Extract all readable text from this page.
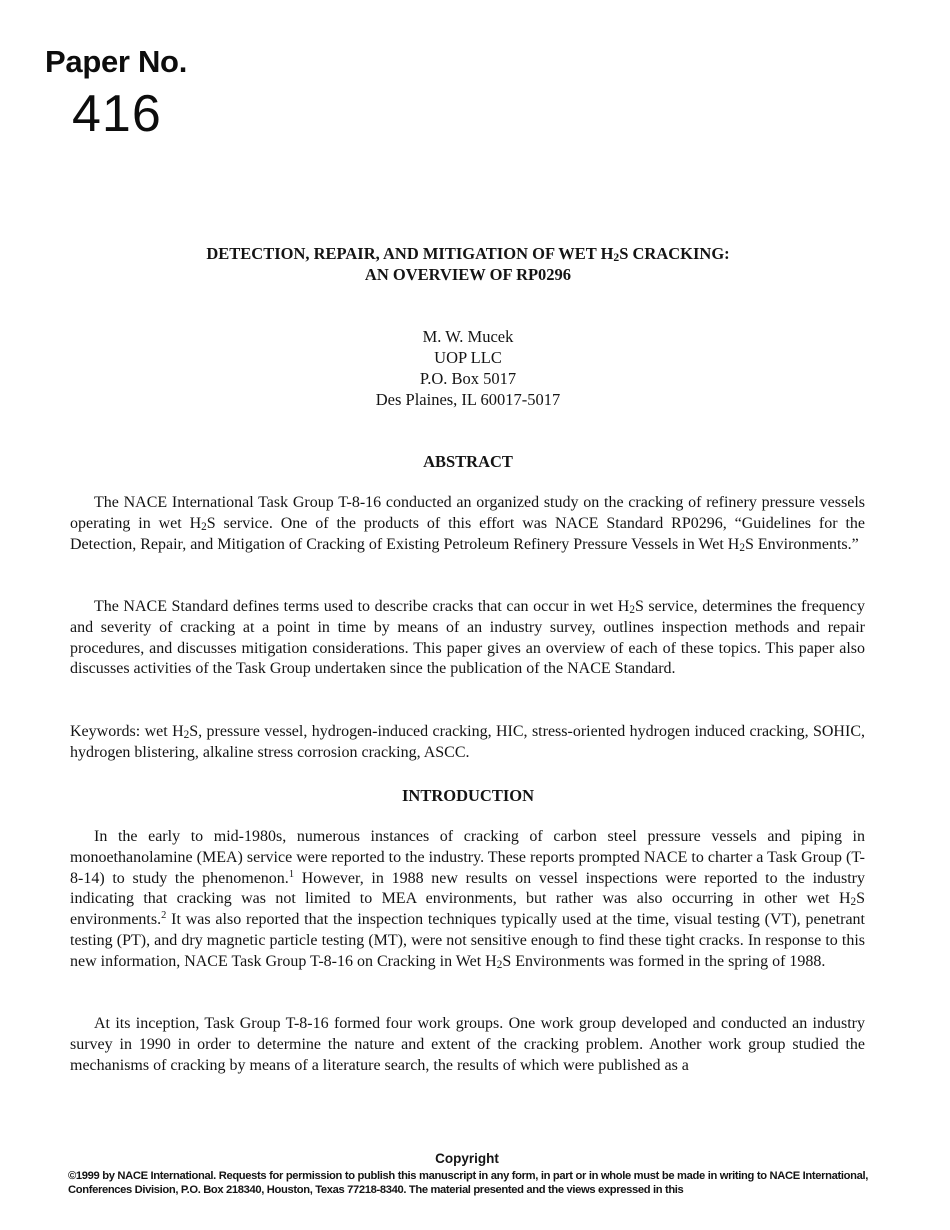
Paper No.
416
DETECTION, REPAIR, AND MITIGATION OF WET H2S CRACKING:
AN OVERVIEW OF RP0296
M. W. Mucek
UOP LLC
P.O. Box 5017
Des Plaines, IL 60017-5017
ABSTRACT

The NACE International Task Group T-8-16 conducted an organized study on the cracking of refinery pressure vessels operating in wet H2S service. One of the products of this effort was NACE Standard RP0296, “Guidelines for the Detection, Repair, and Mitigation of Cracking of Existing Petroleum Refinery Pressure Vessels in Wet H2S Environments.”

The NACE Standard defines terms used to describe cracks that can occur in wet H2S service, determines the frequency and severity of cracking at a point in time by means of an industry survey, outlines inspection methods and repair procedures, and discusses mitigation considerations. This paper gives an overview of each of these topics. This paper also discusses activities of the Task Group undertaken since the publication of the NACE Standard.

Keywords: wet H2S, pressure vessel, hydrogen-induced cracking, HIC, stress-oriented hydrogen induced cracking, SOHIC, hydrogen blistering, alkaline stress corrosion cracking, ASCC.

INTRODUCTION

In the early to mid-1980s, numerous instances of cracking of carbon steel pressure vessels and piping in monoethanolamine (MEA) service were reported to the industry. These reports prompted NACE to charter a Task Group (T-8-14) to study the phenomenon.$^1$ However, in 1988 new results on vessel inspections were reported to the industry indicating that cracking was not limited to MEA environments, but rather was also occurring in other wet H2S environments.$^2$ It was also reported that the inspection techniques typically used at the time, visual testing (VT), penetrant testing (PT), and dry magnetic particle testing (MT), were not sensitive enough to find these tight cracks. In response to this new information, NACE Task Group T-8-16 on Cracking in Wet H2S Environments was formed in the spring of 1988.

At its inception, Task Group T-8-16 formed four work groups. One work group developed and conducted an industry survey in 1990 in order to determine the nature and extent of the cracking problem. Another work group studied the mechanisms of cracking by means of a literature search, the results of which were published as a

Copyright
©1999 by NACE International. Requests for permission to publish this manuscript in any form, in part or in whole must be made in writing to NACE International, Conferences Division, P.O. Box 218340, Houston, Texas 77218-8340. The material presented and the views expressed in this
